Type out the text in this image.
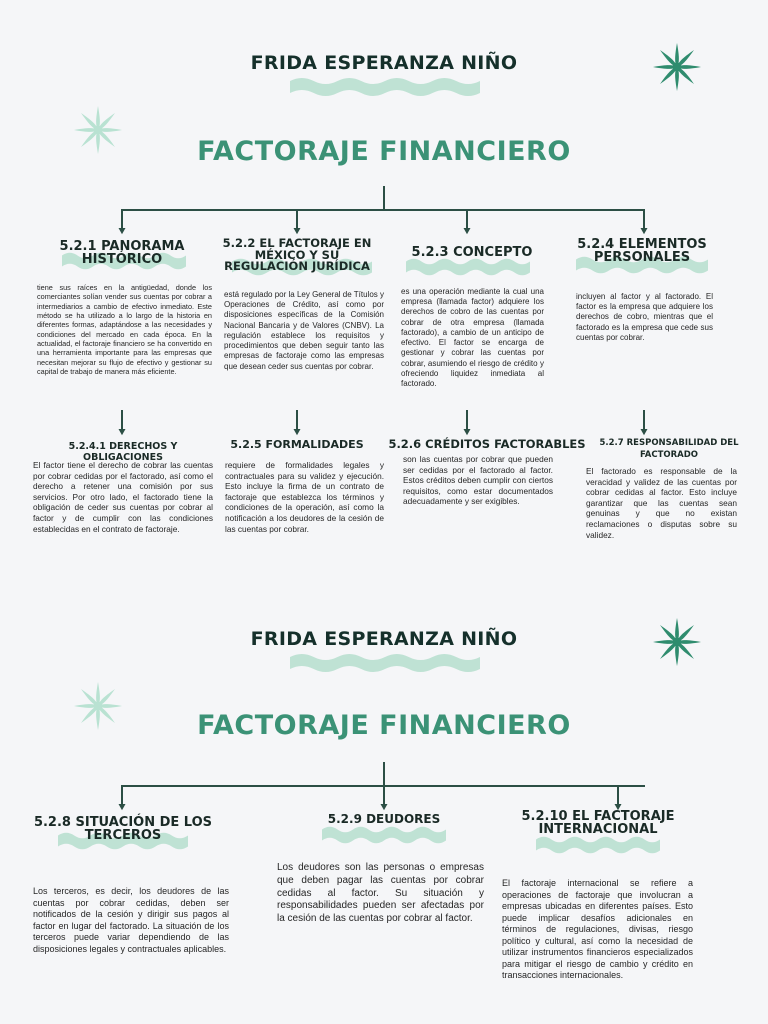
FRIDA ESPERANZA NIÑO
FACTORAJE FINANCIERO
5.2.1 PANORAMA HISTÓRICO
tiene sus raíces en la antigüedad, donde los comerciantes solían vender sus cuentas por cobrar a intermediarios a cambio de efectivo inmediato. Este método se ha utilizado a lo largo de la historia en diferentes formas, adaptándose a las necesidades y condiciones del mercado en cada época. En la actualidad, el factoraje financiero se ha convertido en una herramienta importante para las empresas que necesitan mejorar su flujo de efectivo y gestionar su capital de trabajo de manera más eficiente.
5.2.2 EL FACTORAJE EN MÉXICO Y SU REGULACIÓN JURÍDICA
está regulado por la Ley General de Títulos y Operaciones de Crédito, así como por disposiciones específicas de la Comisión Nacional Bancaria y de Valores (CNBV). La regulación establece los requisitos y procedimientos que deben seguir tanto las empresas de factoraje como las empresas que desean ceder sus cuentas por cobrar.
5.2.3 CONCEPTO
es una operación mediante la cual una empresa (llamada factor) adquiere los derechos de cobro de las cuentas por cobrar de otra empresa (llamada factorado), a cambio de un anticipo de efectivo. El factor se encarga de gestionar y cobrar las cuentas por cobrar, asumiendo el riesgo de crédito y ofreciendo liquidez inmediata al factorado.
5.2.4 ELEMENTOS PERSONALES
incluyen al factor y al factorado. El factor es la empresa que adquiere los derechos de cobro, mientras que el factorado es la empresa que cede sus cuentas por cobrar.
5.2.4.1 DERECHOS Y OBLIGACIONES
El factor tiene el derecho de cobrar las cuentas por cobrar cedidas por el factorado, así como el derecho a retener una comisión por sus servicios. Por otro lado, el factorado tiene la obligación de ceder sus cuentas por cobrar al factor y de cumplir con las condiciones establecidas en el contrato de factoraje.
5.2.5 FORMALIDADES
requiere de formalidades legales y contractuales para su validez y ejecución. Esto incluye la firma de un contrato de factoraje que establezca los términos y condiciones de la operación, así como la notificación a los deudores de la cesión de las cuentas por cobrar.
5.2.6 CRÉDITOS FACTORABLES
son las cuentas por cobrar que pueden ser cedidas por el factorado al factor. Estos créditos deben cumplir con ciertos requisitos, como estar documentados adecuadamente y ser exigibles.
5.2.7 RESPONSABILIDAD DEL FACTORADO
El factorado es responsable de la veracidad y validez de las cuentas por cobrar cedidas al factor. Esto incluye garantizar que las cuentas sean genuinas y que no existan reclamaciones o disputas sobre su validez.
FRIDA ESPERANZA NIÑO
FACTORAJE FINANCIERO
5.2.8 SITUACIÓN DE LOS TERCEROS
Los terceros, es decir, los deudores de las cuentas por cobrar cedidas, deben ser notificados de la cesión y dirigir sus pagos al factor en lugar del factorado. La situación de los terceros puede variar dependiendo de las disposiciones legales y contractuales aplicables.
5.2.9 DEUDORES
Los deudores son las personas o empresas que deben pagar las cuentas por cobrar cedidas al factor. Su situación y responsabilidades pueden ser afectadas por la cesión de las cuentas por cobrar al factor.
5.2.10 EL FACTORAJE INTERNACIONAL
El factoraje internacional se refiere a operaciones de factoraje que involucran a empresas ubicadas en diferentes países. Esto puede implicar desafíos adicionales en términos de regulaciones, divisas, riesgo político y cultural, así como la necesidad de utilizar instrumentos financieros especializados para mitigar el riesgo de cambio y crédito en transacciones internacionales.
